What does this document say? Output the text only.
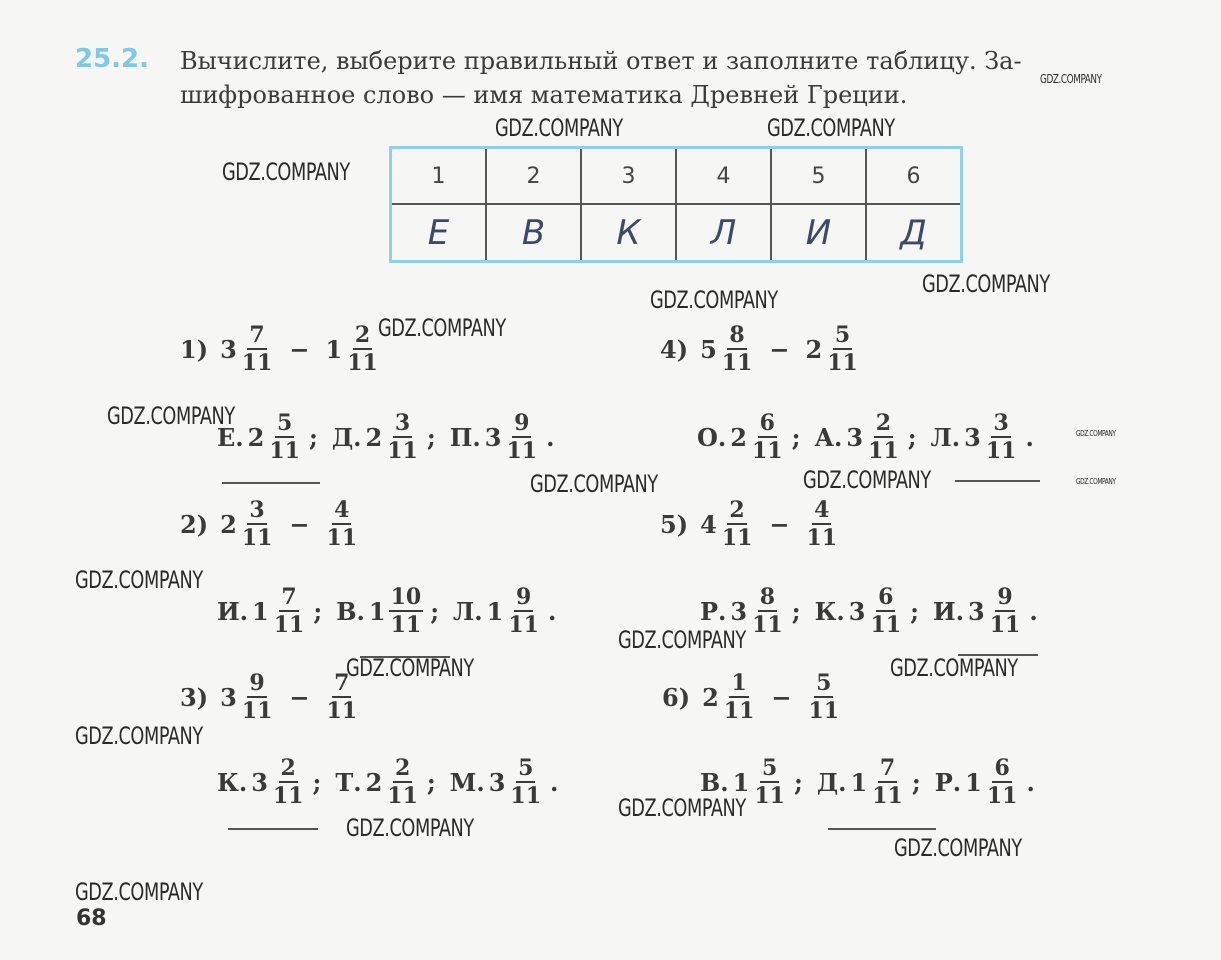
25.2. Вычислите, выберите правильный ответ и заполните таблицу. За-
шифрованное слово — имя математика Древней Греции.
1	2	3	4	5	6
Е	В	К	Л	И	Д
1) $3 \frac{7}{11} - 1 \frac{2}{11}$
Е. $2 \frac{5}{11}$ ; Д. $2 \frac{3}{11}$ ; П. $3 \frac{9}{11}$ .
2) $2 \frac{3}{11} - \frac{4}{11}$
И. $1 \frac{7}{11}$ ; В. $1 \frac{10}{11}$ ; Л. $1 \frac{9}{11}$ .
3) $3 \frac{9}{11} - \frac{7}{11}$
К. $3 \frac{2}{11}$ ; Т. $2 \frac{2}{11}$ ; М. $3 \frac{5}{11}$ .
4) $5 \frac{8}{11} - 2 \frac{5}{11}$
О. $2 \frac{6}{11}$ ; А. $3 \frac{2}{11}$ ; Л. $3 \frac{3}{11}$ .
5) $4 \frac{2}{11} - \frac{4}{11}$
Р. $3 \frac{8}{11}$ ; К. $3 \frac{6}{11}$ ; И. $3 \frac{9}{11}$ .
6) $2 \frac{1}{11} - \frac{5}{11}$
В. $1 \frac{5}{11}$ ; Д. $1 \frac{7}{11}$ ; Р. $1 \frac{6}{11}$ .
GDZ.COMPANY
GDZ.COMPANY	GDZ.COMPANY
GDZ.COMPANY
GDZ.COMPANY
GDZ.COMPANY
GDZ.COMPANY
GDZ.COMPANY
GDZ.COMPANY
GDZ.COMPANY
GDZ.COMPANY	GDZ.COMPANY
GDZ.COMPANY
GDZ.COMPANY
GDZ.COMPANY	GDZ.COMPANY
GDZ.COMPANY
GDZ.COMPANY
GDZ.COMPANY
GDZ.COMPANY
GDZ.COMPANY
68
